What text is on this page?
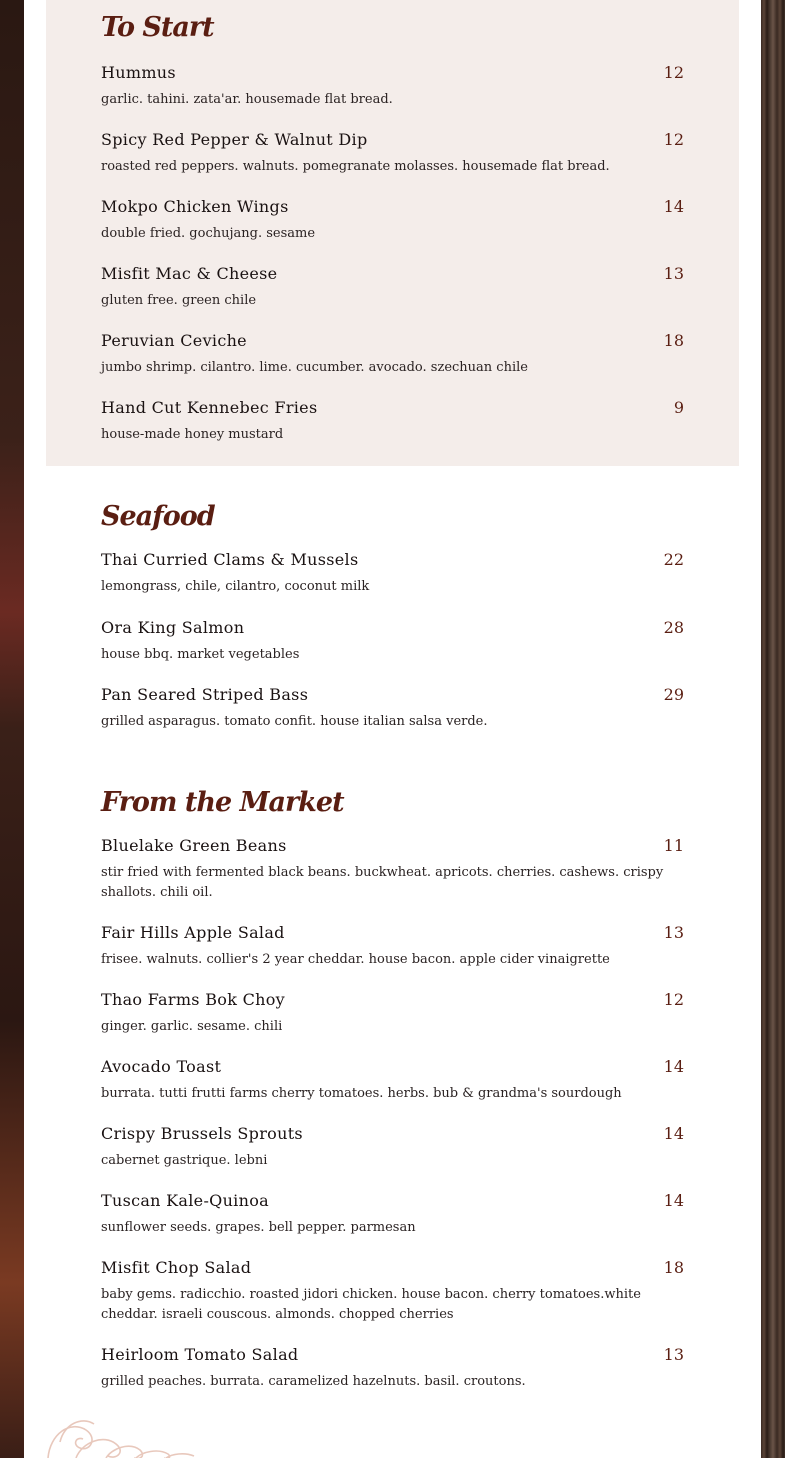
To Start
Hummus	12
garlic. tahini. zata'ar. housemade flat bread.
Spicy Red Pepper & Walnut Dip	12
roasted red peppers. walnuts. pomegranate molasses. housemade flat bread.
Mokpo Chicken Wings	14
double fried. gochujang. sesame
Misfit Mac & Cheese	13
gluten free. green chile
Peruvian Ceviche	18
jumbo shrimp. cilantro. lime. cucumber. avocado. szechuan chile
Hand Cut Kennebec Fries	9
house-made honey mustard
Seafood
Thai Curried Clams & Mussels	22
lemongrass, chile, cilantro, coconut milk
Ora King Salmon	28
house bbq. market vegetables
Pan Seared Striped Bass	29
grilled asparagus. tomato confit. house italian salsa verde.
From the Market
Bluelake Green Beans	11
stir fried with fermented black beans. buckwheat. apricots. cherries. cashews. crispy shallots. chili oil.
Fair Hills Apple Salad	13
frisee. walnuts. collier's 2 year cheddar. house bacon. apple cider vinaigrette
Thao Farms Bok Choy	12
ginger. garlic. sesame. chili
Avocado Toast	14
burrata. tutti frutti farms cherry tomatoes. herbs. bub & grandma's sourdough
Crispy Brussels Sprouts	14
cabernet gastrique. lebni
Tuscan Kale-Quinoa	14
sunflower seeds. grapes. bell pepper. parmesan
Misfit Chop Salad	18
baby gems. radicchio. roasted jidori chicken. house bacon. cherry tomatoes.white cheddar. israeli couscous. almonds. chopped cherries
Heirloom Tomato Salad	13
grilled peaches. burrata. caramelized hazelnuts. basil. croutons.
